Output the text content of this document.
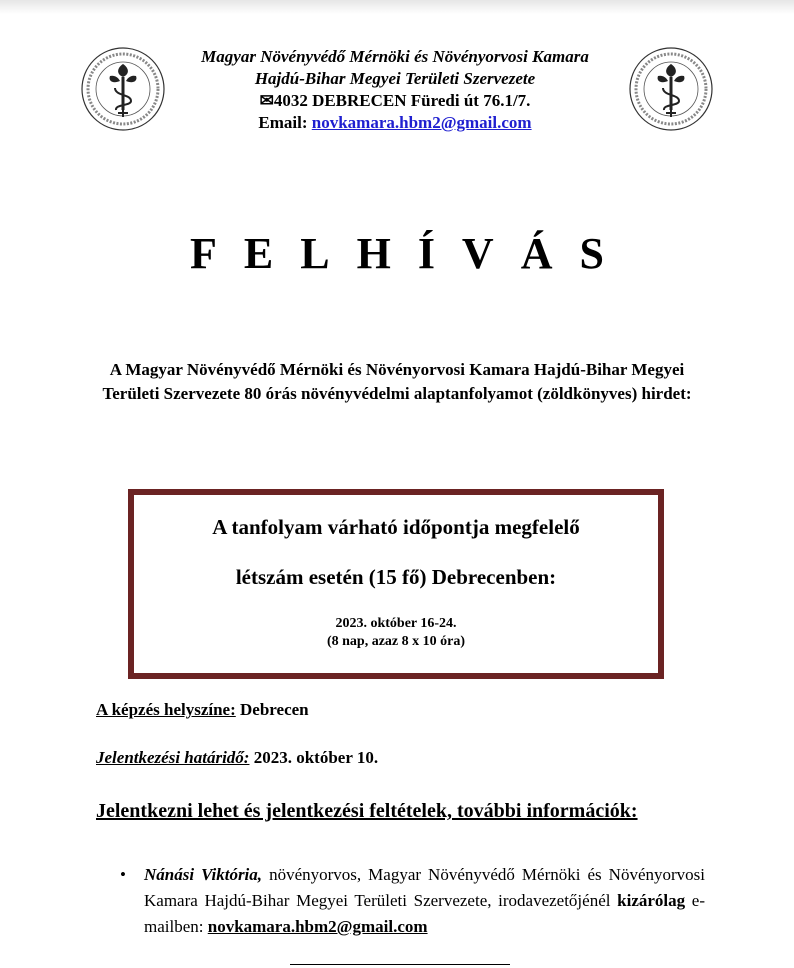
Magyar Növényvédő Mérnöki és Növényorvosi Kamara
Hajdú-Bihar Megyei Területi Szervezete
✉4032 DEBRECEN Füredi út 76.1/7.
Email: novkamara.hbm2@gmail.com
FELHÍVÁS
A Magyar Növényvédő Mérnöki és Növényorvosi Kamara Hajdú-Bihar Megyei Területi Szervezete 80 órás növényvédelmi alaptanfolyamot (zöldkönyves) hirdet:
A tanfolyam várható időpontja megfelelő
létszám esetén (15 fő) Debrecenben:
2023. október 16-24.
(8 nap, azaz 8 x 10 óra)
A képzés helyszíne: Debrecen
Jelentkezési határidő: 2023. október 10.
Jelentkezni lehet és jelentkezési feltételek, további információk:
• Nánási Viktória, növényorvos, Magyar Növényvédő Mérnöki és Növényorvosi Kamara Hajdú-Bihar Megyei Területi Szervezete, irodavezetőjénél kizárólag e-mailben: novkamara.hbm2@gmail.com
